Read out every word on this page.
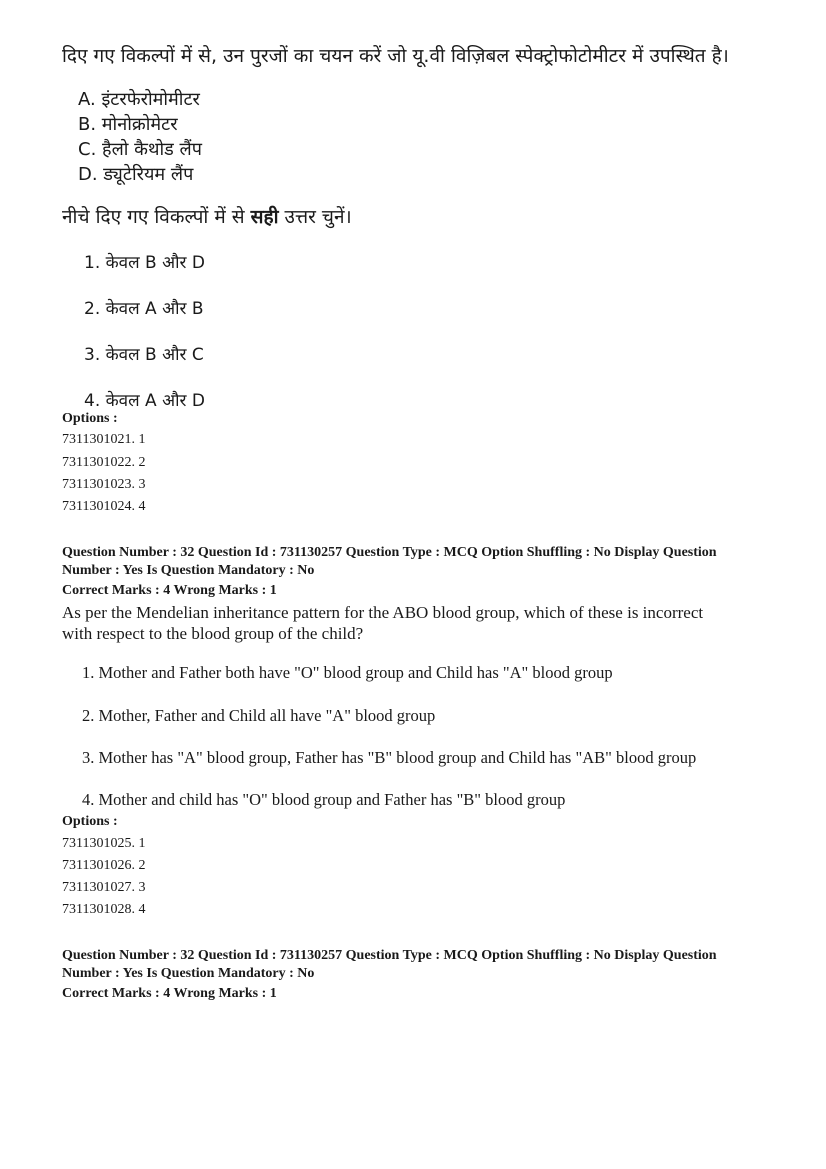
दिए गए विकल्पों में से, उन पुरजों का चयन करें जो यू.वी विज़िबल स्पेक्ट्रोफोटोमीटर में उपस्थित है।
A. इंटरफेरोमोमीटर
B. मोनोक्रोमेटर
C. हैलो कैथोड लैंप
D. ड्यूटेरियम लैंप
नीचे दिए गए विकल्पों में से सही उत्तर चुनें।
1. केवल B और D
2. केवल A और B
3. केवल B और C
4. केवल A और D
Options :
7311301021. 1
7311301022. 2
7311301023. 3
7311301024. 4
Question Number : 32 Question Id : 731130257 Question Type : MCQ Option Shuffling : No Display Question
Number : Yes Is Question Mandatory : No
Correct Marks : 4 Wrong Marks : 1
As per the Mendelian inheritance pattern for the ABO blood group, which of these is incorrect
with respect to the blood group of the child?
1. Mother and Father both have "O" blood group and Child has "A" blood group
2. Mother, Father and Child all have "A" blood group
3. Mother has "A" blood group, Father has "B" blood group and Child has "AB" blood group
4. Mother and child has "O" blood group and Father has "B" blood group
Options :
7311301025. 1
7311301026. 2
7311301027. 3
7311301028. 4
Question Number : 32 Question Id : 731130257 Question Type : MCQ Option Shuffling : No Display Question
Number : Yes Is Question Mandatory : No
Correct Marks : 4 Wrong Marks : 1
